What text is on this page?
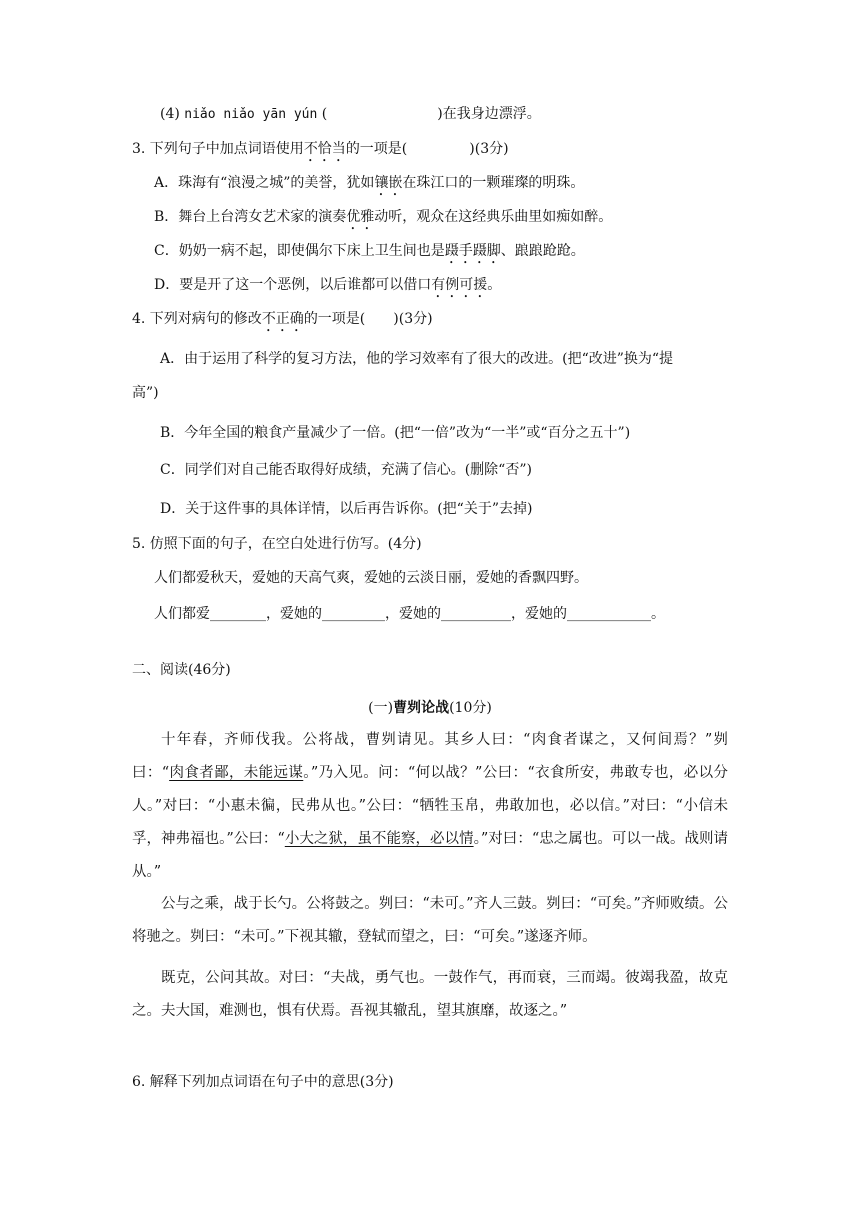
(4) niǎo niǎo yān yún (	)在我身边漂浮。
3. 下列句子中加点词语使用不恰当的一项是(	)(3分)
A．珠海有“浪漫之城”的美誉，犹如镶嵌在珠江口的一颗璀璨的明珠。
B．舞台上台湾女艺术家的演奏优雅动听，观众在这经典乐曲里如痴如醉。
C．奶奶一病不起，即使偶尔下床上卫生间也是蹑手蹑脚、踉踉跄跄。
D．要是开了这一个恶例，以后谁都可以借口有例可援。
4. 下列对病句的修改不正确的一项是( )(3分)
A．由于运用了科学的复习方法，他的学习效率有了很大的改进。(把“改进”换为“提
高”)
B．今年全国的粮食产量减少了一倍。(把“一倍”改为“一半”或“百分之五十”)
C．同学们对自己能否取得好成绩，充满了信心。(删除“否”)
D．关于这件事的具体详情，以后再告诉你。(把“关于”去掉)
5. 仿照下面的句子，在空白处进行仿写。(4分)
人们都爱秋天，爱她的天高气爽，爱她的云淡日丽，爱她的香飘四野。
人们都爱________，爱她的_________，爱她的__________，爱她的____________。
二、阅读(46分)
(一)曹刿论战(10分)
十年春，齐师伐我。公将战，曹刿请见。其乡人曰：“肉食者谋之，又何间焉？”刿曰：“肉食者鄙，未能远谋。”乃入见。问：“何以战？”公曰：“衣食所安，弗敢专也，必以分人。”对曰：“小惠未徧，民弗从也。”公曰：“牺牲玉帛，弗敢加也，必以信。”对曰：“小信未孚，神弗福也。”公曰：“小大之狱，虽不能察，必以情。”对曰：“忠之属也。可以一战。战则请从。”
公与之乘，战于长勺。公将鼓之。刿曰：“未可。”齐人三鼓。刿曰：“可矣。”齐师败绩。公将驰之。刿曰：“未可。”下视其辙，登轼而望之，曰：“可矣。”遂逐齐师。
既克，公问其故。对曰：“夫战，勇气也。一鼓作气，再而衰，三而竭。彼竭我盈，故克之。夫大国，难测也，惧有伏焉。吾视其辙乱，望其旗靡，故逐之。”
6. 解释下列加点词语在句子中的意思(3分)
